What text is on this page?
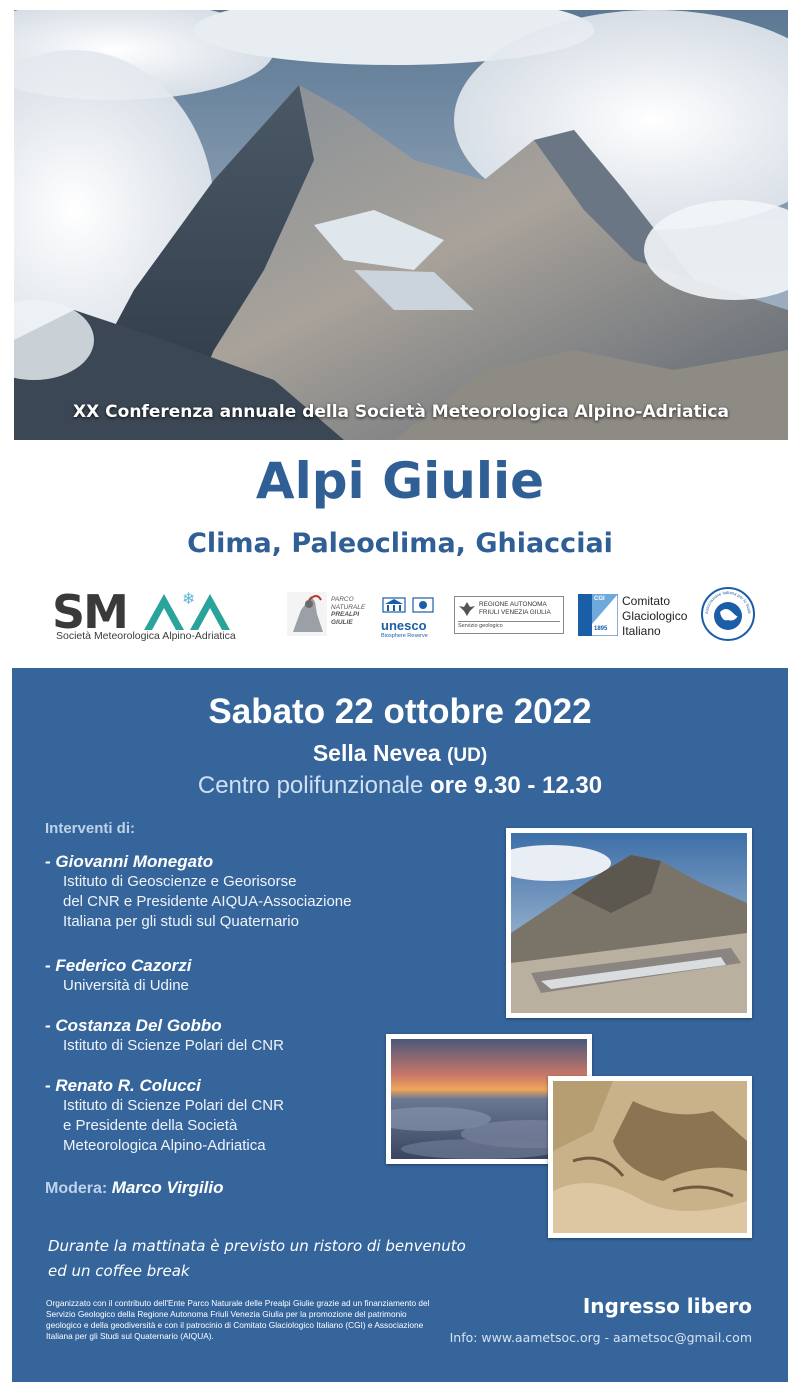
XX Conferenza annuale della Società Meteorologica Alpino-Adriatica
Alpi Giulie
Clima, Paleoclima, Ghiacciai
SM	❄
Società Meteorologica Alpino-Adriatica
PARCO
NATURALE
PREALPI
GIULIE	unesco
Biosphere Reserve
REGIONE AUTONOMA
FRIULI VENEZIA GIULIA
Servizio geologico
CGI
1895
Comitato
Glaciologico
Italiano
Associazione Italiana per lo Studi
Sabato 22 ottobre 2022
Sella Nevea (UD)
Centro polifunzionale ore 9.30 - 12.30
Interventi di:
- Giovanni Monegato
Istituto di Geoscienze e Georisorse
del CNR e Presidente AIQUA-Associazione
Italiana per gli studi sul Quaternario
- Federico Cazorzi
Università di Udine
- Costanza Del Gobbo
Istituto di Scienze Polari del CNR
- Renato R. Colucci
Istituto di Scienze Polari del CNR
e Presidente della Società
Meteorologica Alpino-Adriatica
Modera: Marco Virgilio
Durante la mattinata è previsto un ristoro di benvenuto ed un coffee break
Organizzato con il contributo dell'Ente Parco Naturale delle Prealpi Giulie grazie ad un finanziamento del Servizio Geologico della Regione Autonoma Friuli Venezia Giulia per la promozione del patrimonio geologico e della geodiversità e con il patrocinio di Comitato Glaciologico Italiano (CGI) e Associazione Italiana per gli Studi sul Quaternario (AIQUA).
Ingresso libero
Info: www.aametsoc.org - aametsoc@gmail.com
